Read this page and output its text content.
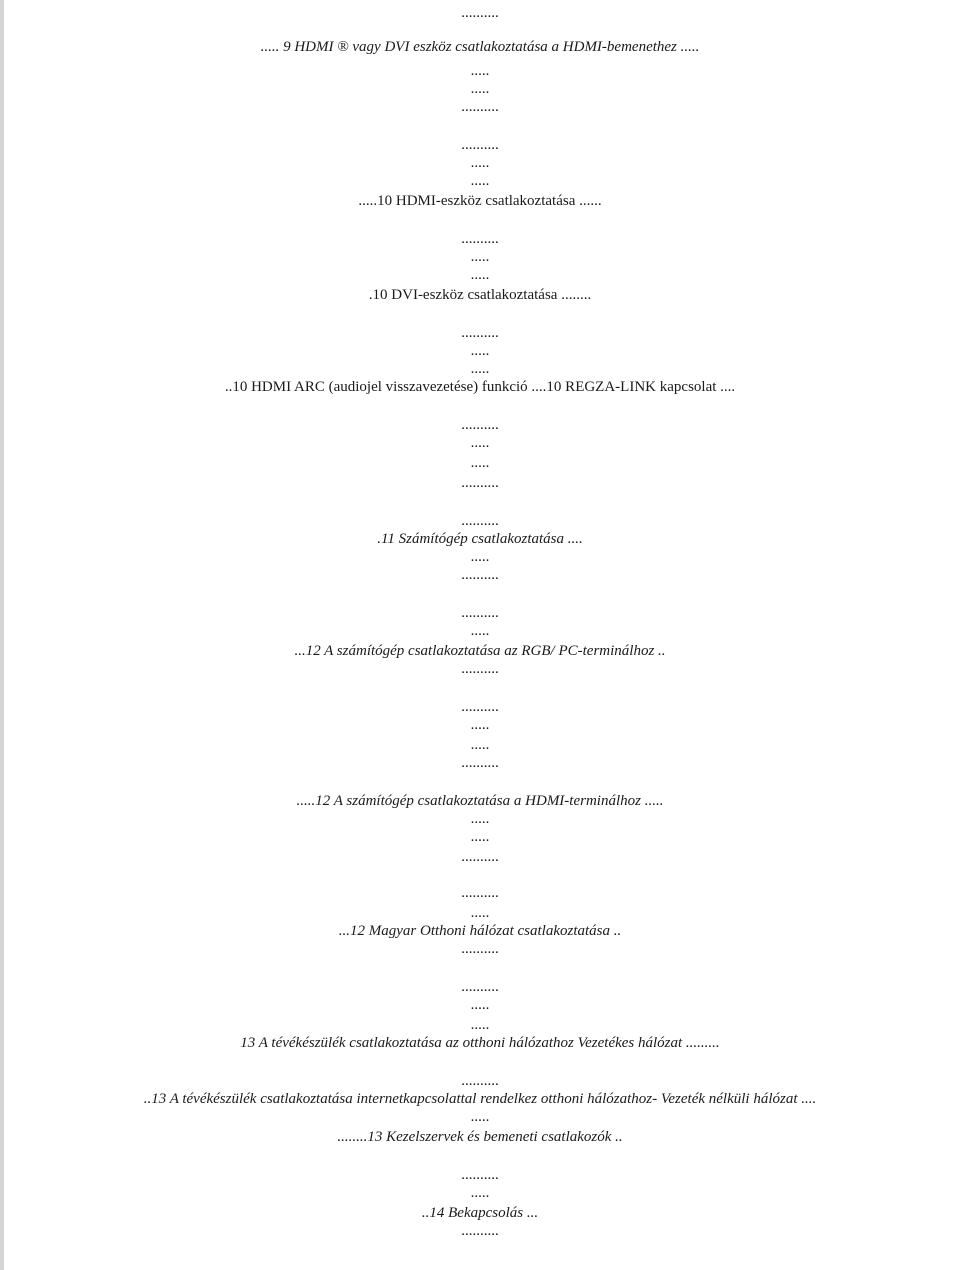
..........
..... 9 HDMI ® vagy DVI eszköz csatlakoztatása a HDMI-bemenethez .....
.....
.....
..........
..........
.....
.....
.....10 HDMI-eszköz csatlakoztatása ......
..........
.....
.....
.10 DVI-eszköz csatlakoztatása ........
..........
.....
.....
..10 HDMI ARC (audiojel visszavezetése) funkció ....10 REGZA-LINK kapcsolat ....
..........
.....
.....
..........
..........
.11 Számítógép csatlakoztatása ....
.....
..........
..........
.....
...12 A számítógép csatlakoztatása az RGB/ PC-terminálhoz ..
..........
..........
.....
.....
..........
.....12 A számítógép csatlakoztatása a HDMI-terminálhoz .....
.....
.....
..........
..........
.....
...12 Magyar Otthoni hálózat csatlakoztatása ..
..........
..........
.....
.....
13 A tévékészülék csatlakoztatása az otthoni hálózathoz Vezetékes hálózat .........
..........
..13 A tévékészülék csatlakoztatása internetkapcsolattal rendelkez otthoni hálózathoz- Vezeték nélküli hálózat ....
.....
........13 Kezelszervek és bemeneti csatlakozók ..
..........
.....
..14 Bekapcsolás ...
..........
